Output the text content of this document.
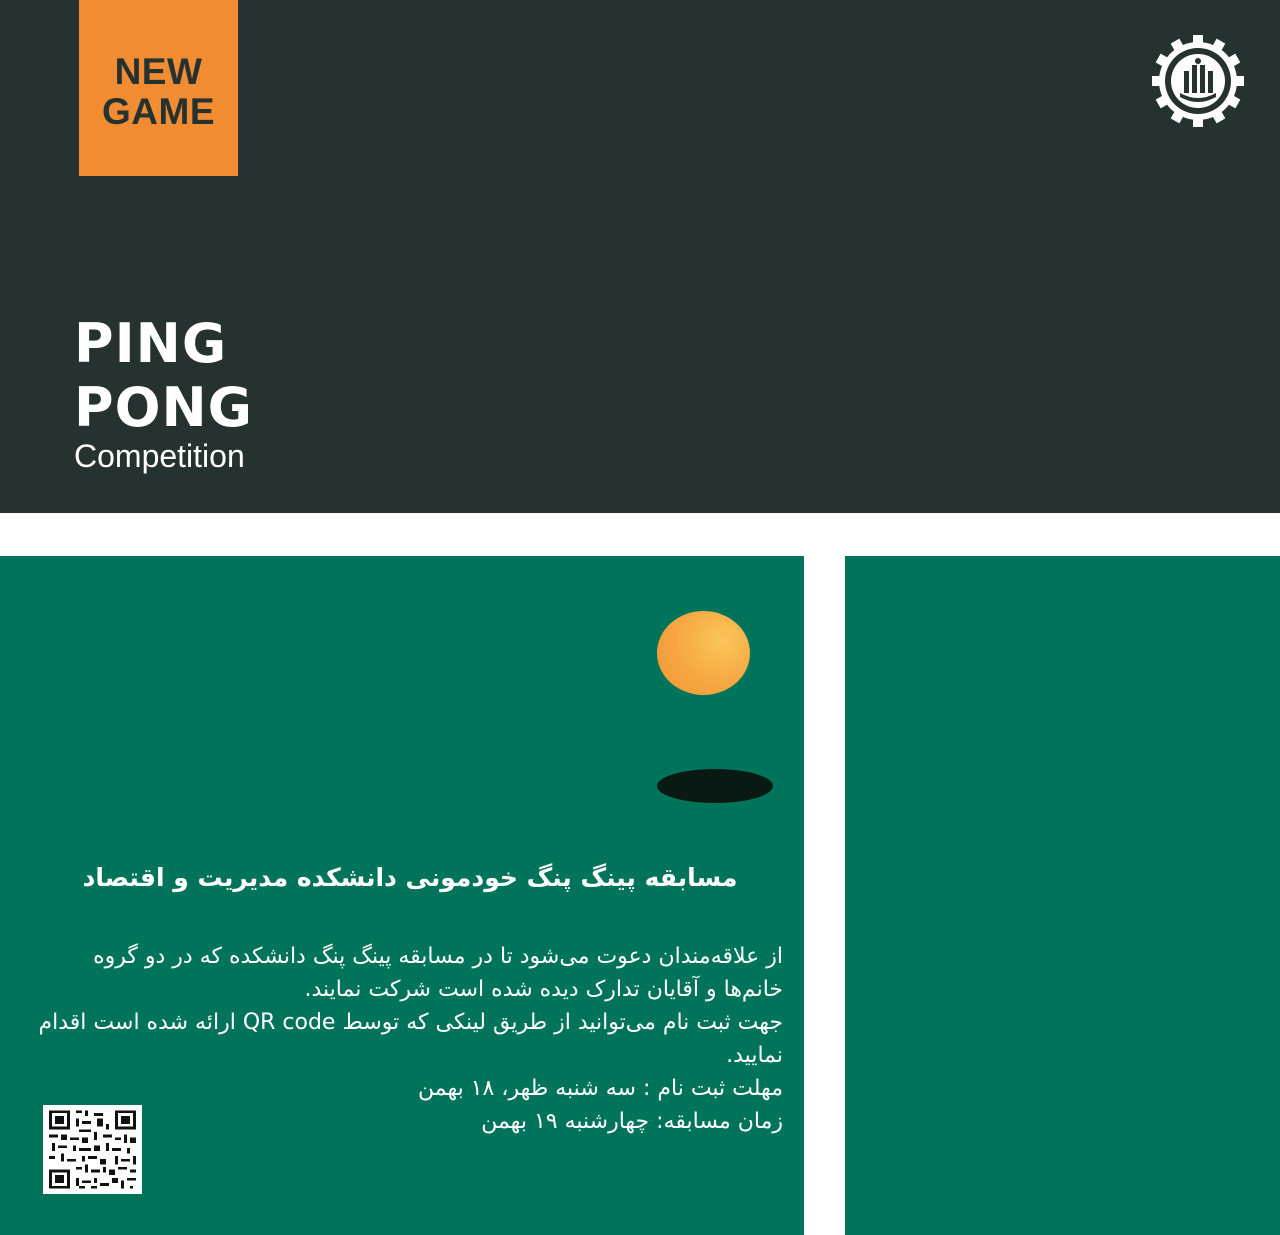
NEW
GAME
PING
PONG
Competition
مسابقه پینگ پنگ خودمونی دانشکده مدیریت و اقتصاد

از علاقه‌مندان دعوت می‌شود تا در مسابقه پینگ پنگ دانشکده که در دو گروه خانم‌ها و آقایان تدارک دیده شده است شرکت نمایند.

جهت ثبت نام می‌توانید از طریق لینکی که توسط QR code ارائه شده است اقدام نمایید.

مهلت ثبت نام : سه شنبه ظهر، ۱۸ بهمن

زمان مسابقه: چهارشنبه ۱۹ بهمن
